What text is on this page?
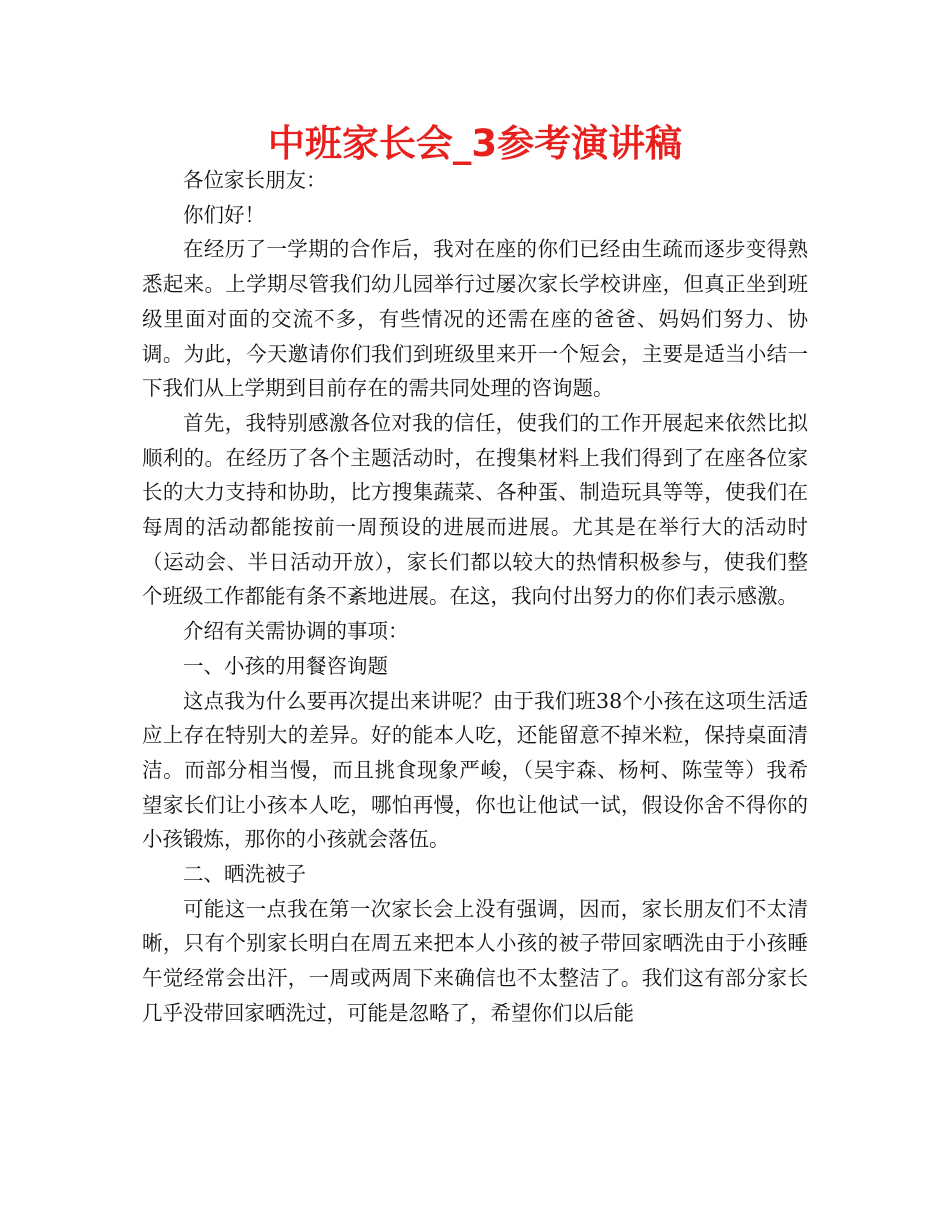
中班家长会_3参考演讲稿

各位家长朋友：

你们好！

在经历了一学期的合作后，我对在座的你们已经由生疏而逐步变得熟悉起来。上学期尽管我们幼儿园举行过屡次家长学校讲座，但真正坐到班级里面对面的交流不多，有些情况的还需在座的爸爸、妈妈们努力、协调。为此，今天邀请你们我们到班级里来开一个短会，主要是适当小结一下我们从上学期到目前存在的需共同处理的咨询题。

首先，我特别感激各位对我的信任，使我们的工作开展起来依然比拟顺利的。在经历了各个主题活动时，在搜集材料上我们得到了在座各位家长的大力支持和协助，比方搜集蔬菜、各种蛋、制造玩具等等，使我们在每周的活动都能按前一周预设的进展而进展。尤其是在举行大的活动时（运动会、半日活动开放），家长们都以较大的热情积极参与，使我们整个班级工作都能有条不紊地进展。在这，我向付出努力的你们表示感激。

介绍有关需协调的事项：

一、小孩的用餐咨询题

这点我为什么要再次提出来讲呢？由于我们班38个小孩在这项生活适应上存在特别大的差异。好的能本人吃，还能留意不掉米粒，保持桌面清洁。而部分相当慢，而且挑食现象严峻，（吴宇森、杨柯、陈莹等）我希望家长们让小孩本人吃，哪怕再慢，你也让他试一试，假设你舍不得你的小孩锻炼，那你的小孩就会落伍。

二、晒洗被子

可能这一点我在第一次家长会上没有强调，因而，家长朋友们不太清晰，只有个别家长明白在周五来把本人小孩的被子带回家晒洗由于小孩睡午觉经常会出汗，一周或两周下来确信也不太整洁了。我们这有部分家长几乎没带回家晒洗过，可能是忽略了，希望你们以后能
